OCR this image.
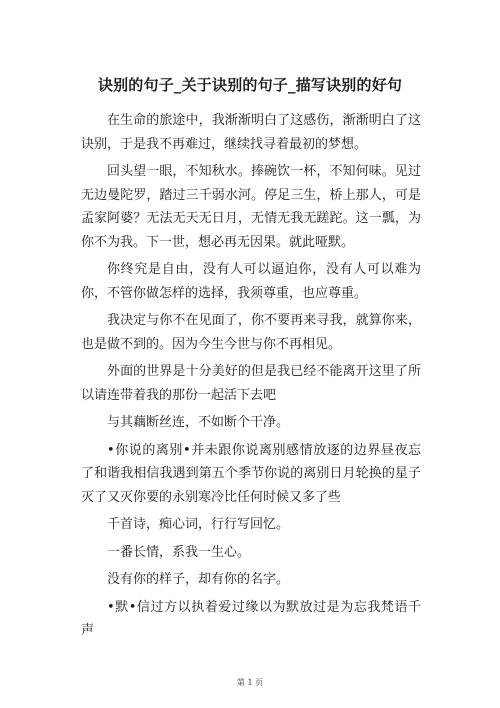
诀别的句子_关于诀别的句子_描写诀别的好句

在生命的旅途中，我渐渐明白了这感伤，渐渐明白了这诀别，于是我不再难过，继续找寻着最初的梦想。

回头望一眼，不知秋水。捧碗饮一杯，不知何味。见过无边曼陀罗，踏过三千弱水河。停足三生，桥上那人，可是孟家阿婆？无法无天无日月，无情无我无蹉跎。这一瓢，为你不为我。下一世，想必再无因果。就此哑默。

你终究是自由，没有人可以逼迫你，没有人可以难为你，不管你做怎样的选择，我须尊重，也应尊重。

我决定与你不在见面了，你不要再来寻我，就算你来，也是做不到的。因为今生今世与你不再相见。

外面的世界是十分美好的但是我已经不能离开这里了所以请连带着我的那份一起活下去吧

与其藕断丝连，不如断个干净。

•你说的离别•并未跟你说离别感情放逐的边界昼夜忘了和谐我相信我遇到第五个季节你说的离别日月轮换的星子灭了又灭你要的永别寒冷比任何时候又多了些

千首诗，痴心词，行行写回忆。

一番长情，系我一生心。

没有你的样子，却有你的名字。

•默•信过方以执着爱过缘以为默放过是为忘我梵语千声

第 1 页
